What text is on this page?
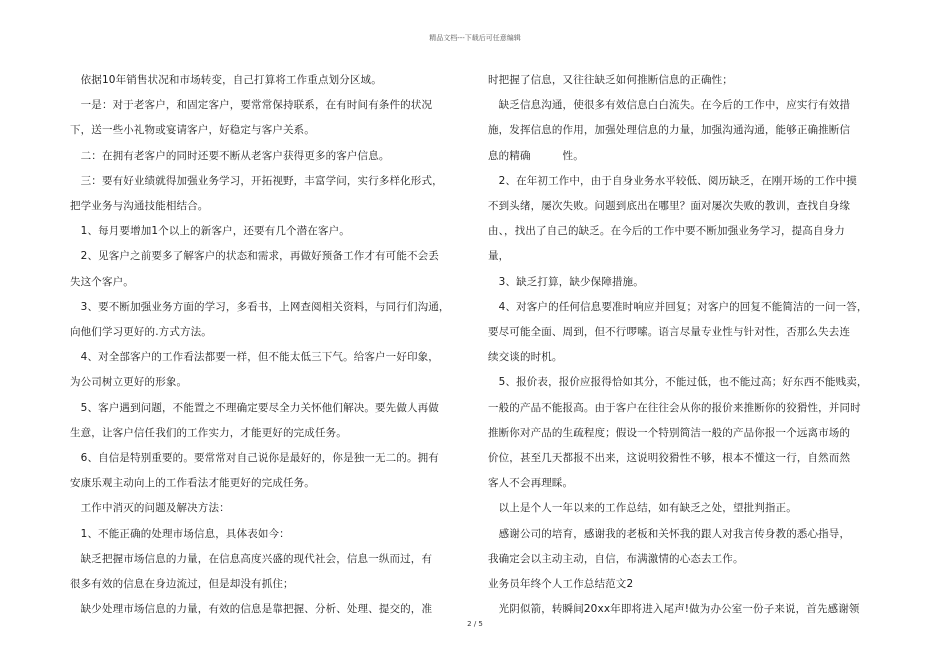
精品文档---下载后可任意编辑

　依据10年销售状况和市场转变，自己打算将工作重点划分区域。

　一是：对于老客户，和固定客户，要常常保持联系，在有时间有条件的状况

下，送一些小礼物或宴请客户，好稳定与客户关系。

　二：在拥有老客户的同时还要不断从老客户获得更多的客户信息。

　三：要有好业绩就得加强业务学习，开拓视野，丰富学问，实行多样化形式，

把学业务与沟通技能相结合。

　1、每月要增加1个以上的新客户，还要有几个潜在客户。

　2、见客户之前要多了解客户的状态和需求，再做好预备工作才有可能不会丢

失这个客户。

　3、要不断加强业务方面的学习，多看书，上网查阅相关资料，与同行们沟通，

向他们学习更好的.方式方法。

　4、对全部客户的工作看法都要一样，但不能太低三下气。给客户一好印象，

为公司树立更好的形象。

　5、客户遇到问题，不能置之不理确定要尽全力关怀他们解决。要先做人再做

生意，让客户信任我们的工作实力，才能更好的完成任务。

　6、自信是特别重要的。要常常对自己说你是最好的，你是独一无二的。拥有

安康乐观主动向上的工作看法才能更好的完成任务。

　工作中消灭的问题及解决方法：

　1、不能正确的处理市场信息，具体表如今：

　缺乏把握市场信息的力量，在信息高度兴盛的现代社会，信息一纵而过，有

很多有效的信息在身边流过，但是却没有抓住；

　缺少处理市场信息的力量，有效的信息是靠把握、分析、处理、提交的，准

时把握了信息，又往往缺乏如何推断信息的正确性；

　缺乏信息沟通，使很多有效信息白白流失。在今后的工作中，应实行有效措

施，发挥信息的作用，加强处理信息的力量，加强沟通沟通，能够正确推断信

息的精确　　　性。

　2、在年初工作中，由于自身业务水平较低、阅历缺乏，在刚开场的工作中摸

不到头绪，屡次失败。问题到底出在哪里？面对屡次失败的教训，查找自身缘

由、，找出了自己的缺乏。在今后的工作中要不断加强业务学习，提高自身力

量，

　3、缺乏打算，缺少保障措施。

　4、对客户的任何信息要准时响应并回复；对客户的回复不能简洁的一问一答，

要尽可能全面、周到，但不行啰嗦。语言尽量专业性与针对性，否那么失去连

续交谈的时机。

　5、报价表，报价应报得恰如其分，不能过低，也不能过高；好东西不能贱卖，

一般的产品不能报高。由于客户在往往会从你的报价来推断你的狡猾性，并同时

推断你对产品的生疏程度；假设一个特别简洁一般的产品你报一个远离市场的

价位，甚至几天都报不出来，这说明狡猾性不够，根本不懂这一行，自然而然

客人不会再理睬。

　以上是个人一年以来的工作总结，如有缺乏之处，望批判指正。

　感谢公司的培育，感谢我的老板和关怀我的跟人对我言传身教的悉心指导，

我确定会以主动主动，自信，布满激情的心态去工作。

业务员年终个人工作总结范文2

　光阴似箭，转瞬间20xx年即将进入尾声!做为办公室一份子来说，首先感谢领

2 / 5
